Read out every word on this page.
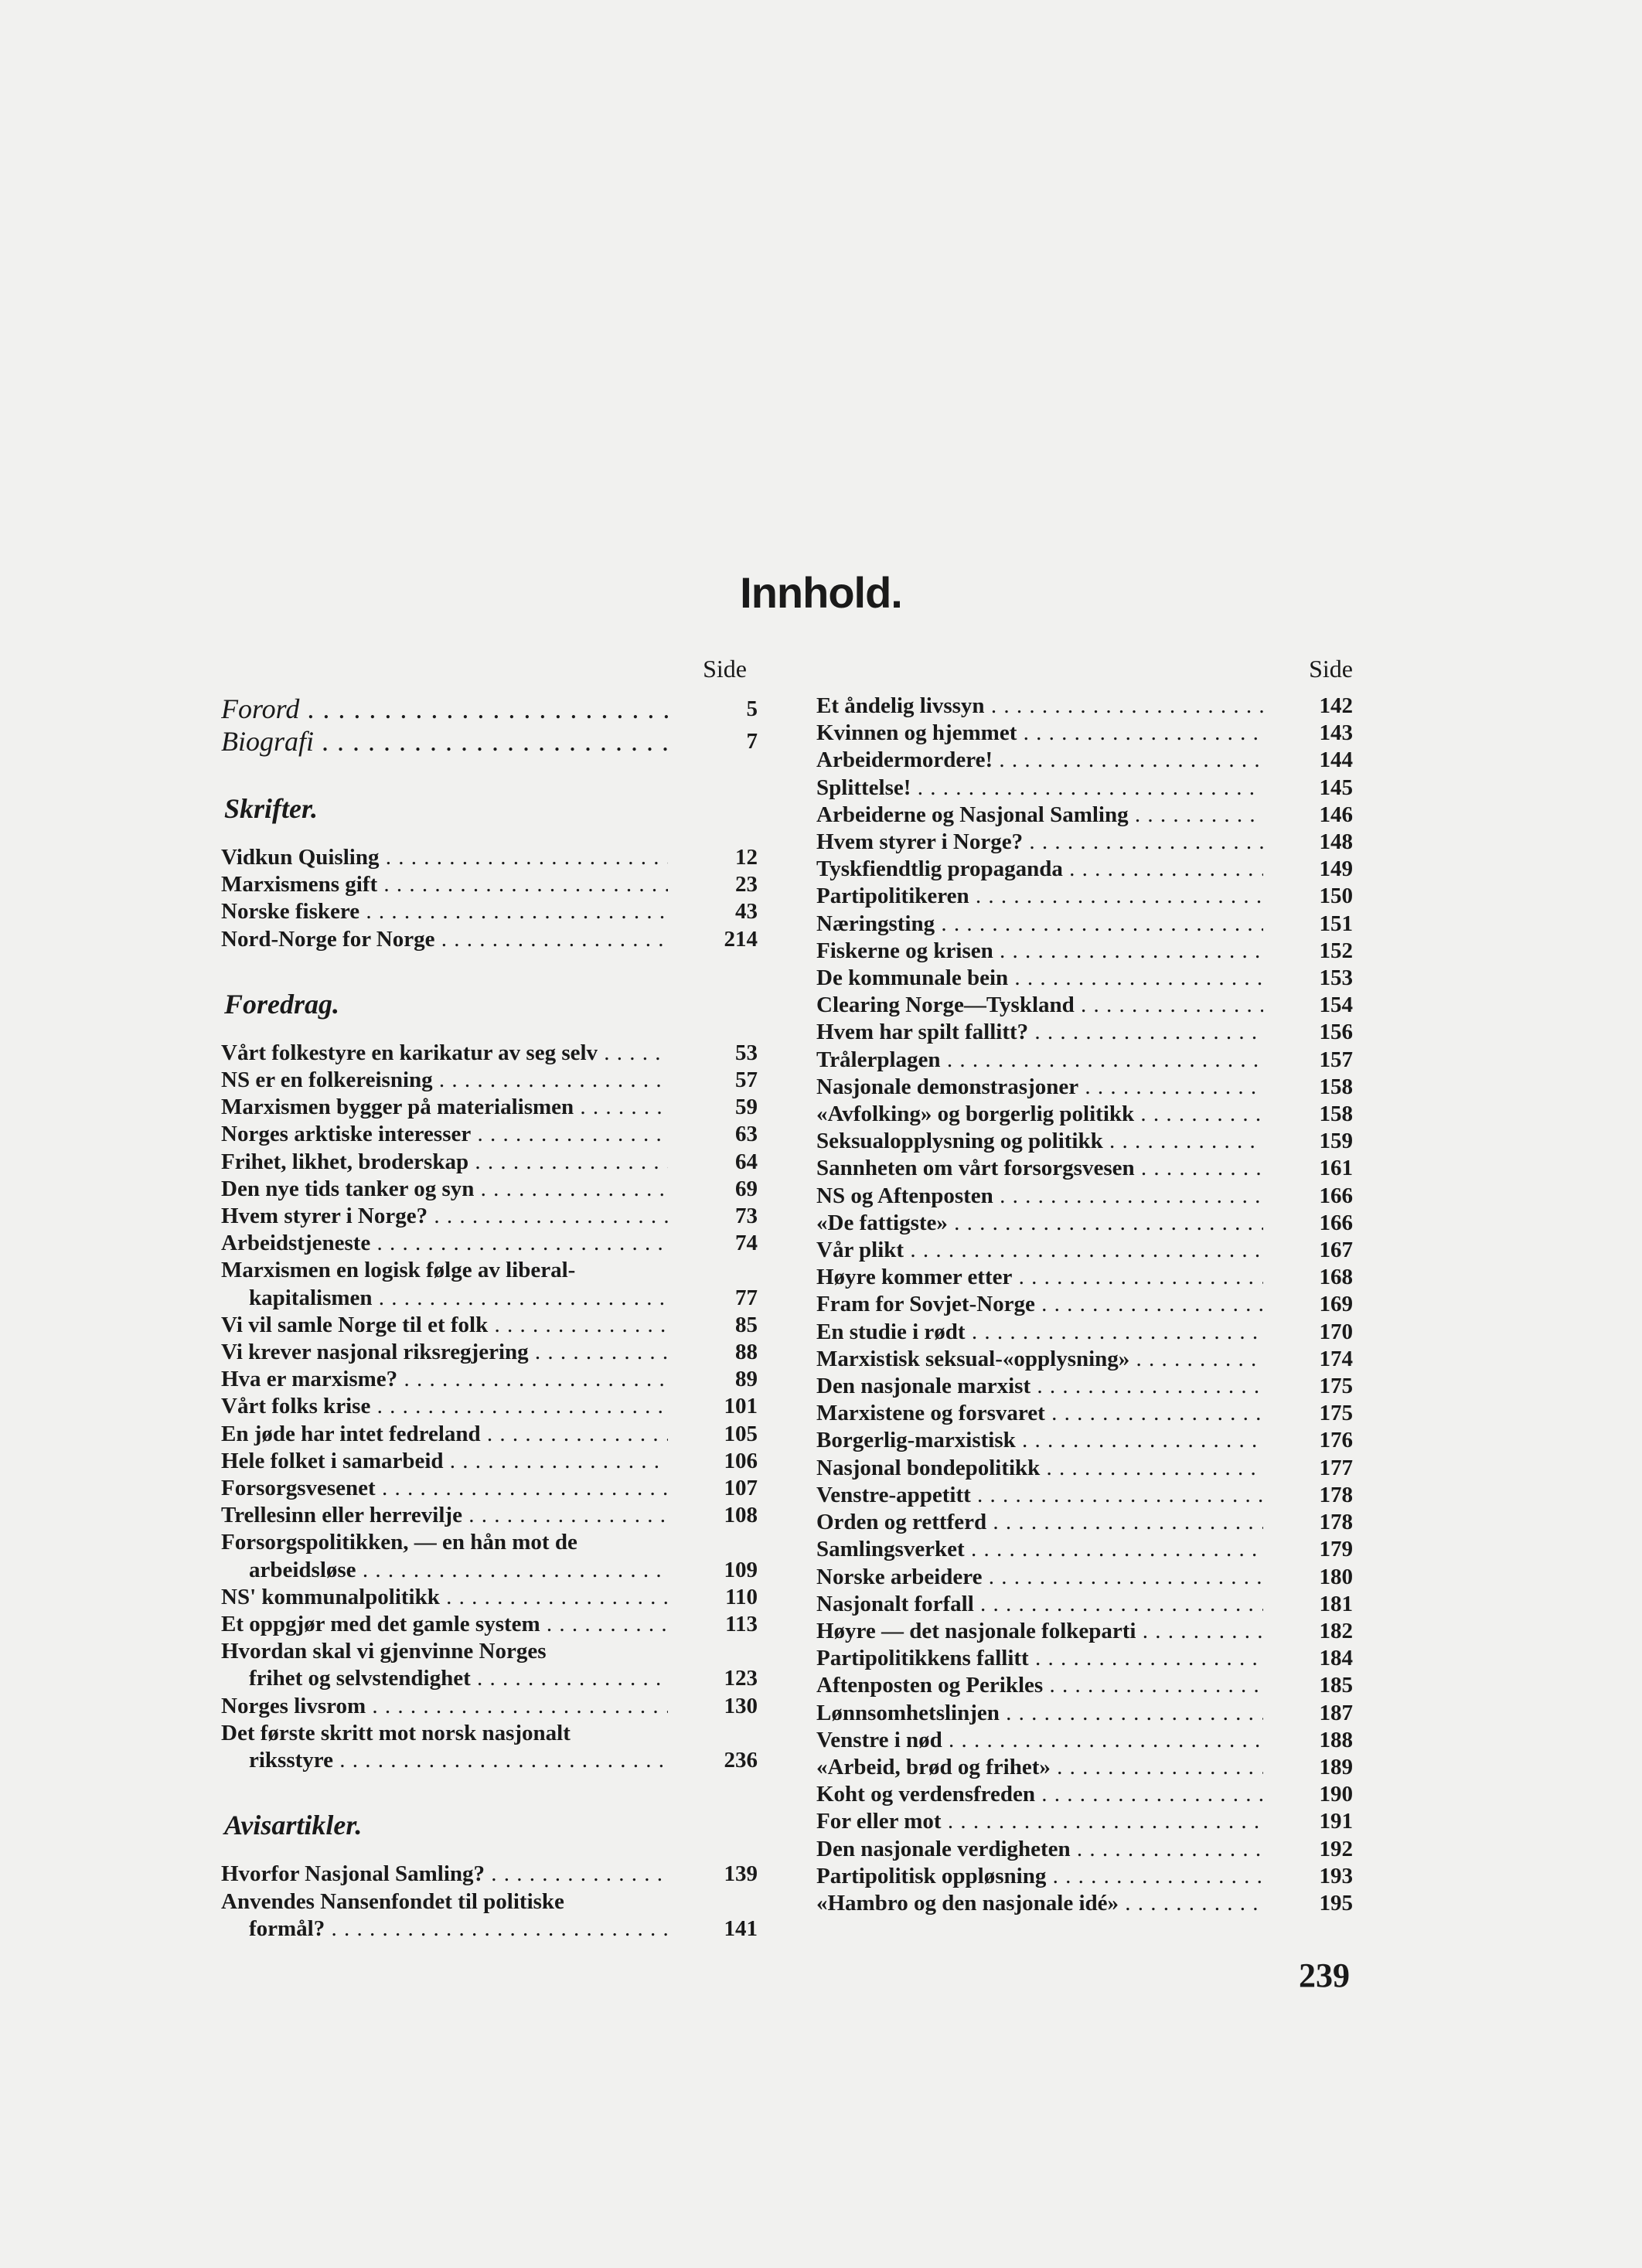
Innhold.
Side
Forord . . .	5
Biografi . . .	7
Skrifter.
Vidkun Quisling . . .	12
Marxismens gift . . .	23
Norske fiskere . . .	43
Nord-Norge for Norge . . .	214
Foredrag.
Vårt folkestyre en karikatur av seg selv . . .	53
NS er en folkereisning . . .	57
Marxismen bygger på materialismen . . .	59
Norges arktiske interesser . . .	63
Frihet, likhet, broderskap . . .	64
Den nye tids tanker og syn . . .	69
Hvem styrer i Norge? . . .	73
Arbeidstjeneste . . .	74
Marxismen en logisk følge av liberal-
kapitalismen . . .	77
Vi vil samle Norge til et folk . . .	85
Vi krever nasjonal riksregjering . . .	88
Hva er marxisme? . . .	89
Vårt folks krise . . .	101
En jøde har intet fedreland . . .	105
Hele folket i samarbeid . . .	106
Forsorgsvesenet . . .	107
Trellesinn eller herrevilje . . .	108
Forsorgspolitikken, — en hån mot de
arbeidsløse . . .	109
NS' kommunalpolitikk . . .	110
Et oppgjør med det gamle system . . .	113
Hvordan skal vi gjenvinne Norges
frihet og selvstendighet . . .	123
Norges livsrom . . .	130
Det første skritt mot norsk nasjonalt
riksstyre . . .	236
Avisartikler.
Hvorfor Nasjonal Samling? . . .	139
Anvendes Nansenfondet til politiske
formål? . . .	141
Side
Et åndelig livssyn . . .	142
Kvinnen og hjemmet . . .	143
Arbeidermordere! . . .	144
Splittelse! . . .	145
Arbeiderne og Nasjonal Samling . . .	146
Hvem styrer i Norge? . . .	148
Tyskfiendtlig propaganda . . .	149
Partipolitikeren . . .	150
Næringsting . . .	151
Fiskerne og krisen . . .	152
De kommunale bein . . .	153
Clearing Norge—Tyskland . . .	154
Hvem har spilt fallitt? . . .	156
Trålerplagen . . .	157
Nasjonale demonstrasjoner . . .	158
«Avfolking» og borgerlig politikk . . .	158
Seksualopplysning og politikk . . .	159
Sannheten om vårt forsorgsvesen . . .	161
NS og Aftenposten . . .	166
«De fattigste» . . .	166
Vår plikt . . .	167
Høyre kommer etter . . .	168
Fram for Sovjet-Norge . . .	169
En studie i rødt . . .	170
Marxistisk seksual-«opplysning» . . .	174
Den nasjonale marxist . . .	175
Marxistene og forsvaret . . .	175
Borgerlig-marxistisk . . .	176
Nasjonal bondepolitikk . . .	177
Venstre-appetitt . . .	178
Orden og rettferd . . .	178
Samlingsverket . . .	179
Norske arbeidere . . .	180
Nasjonalt forfall . . .	181
Høyre — det nasjonale folkeparti . . .	182
Partipolitikkens fallitt . . .	184
Aftenposten og Perikles . . .	185
Lønnsomhetslinjen . . .	187
Venstre i nød . . .	188
«Arbeid, brød og frihet» . . .	189
Koht og verdensfreden . . .	190
For eller mot . . .	191
Den nasjonale verdigheten . . .	192
Partipolitisk oppløsning . . .	193
«Hambro og den nasjonale idé» . . .	195
239
